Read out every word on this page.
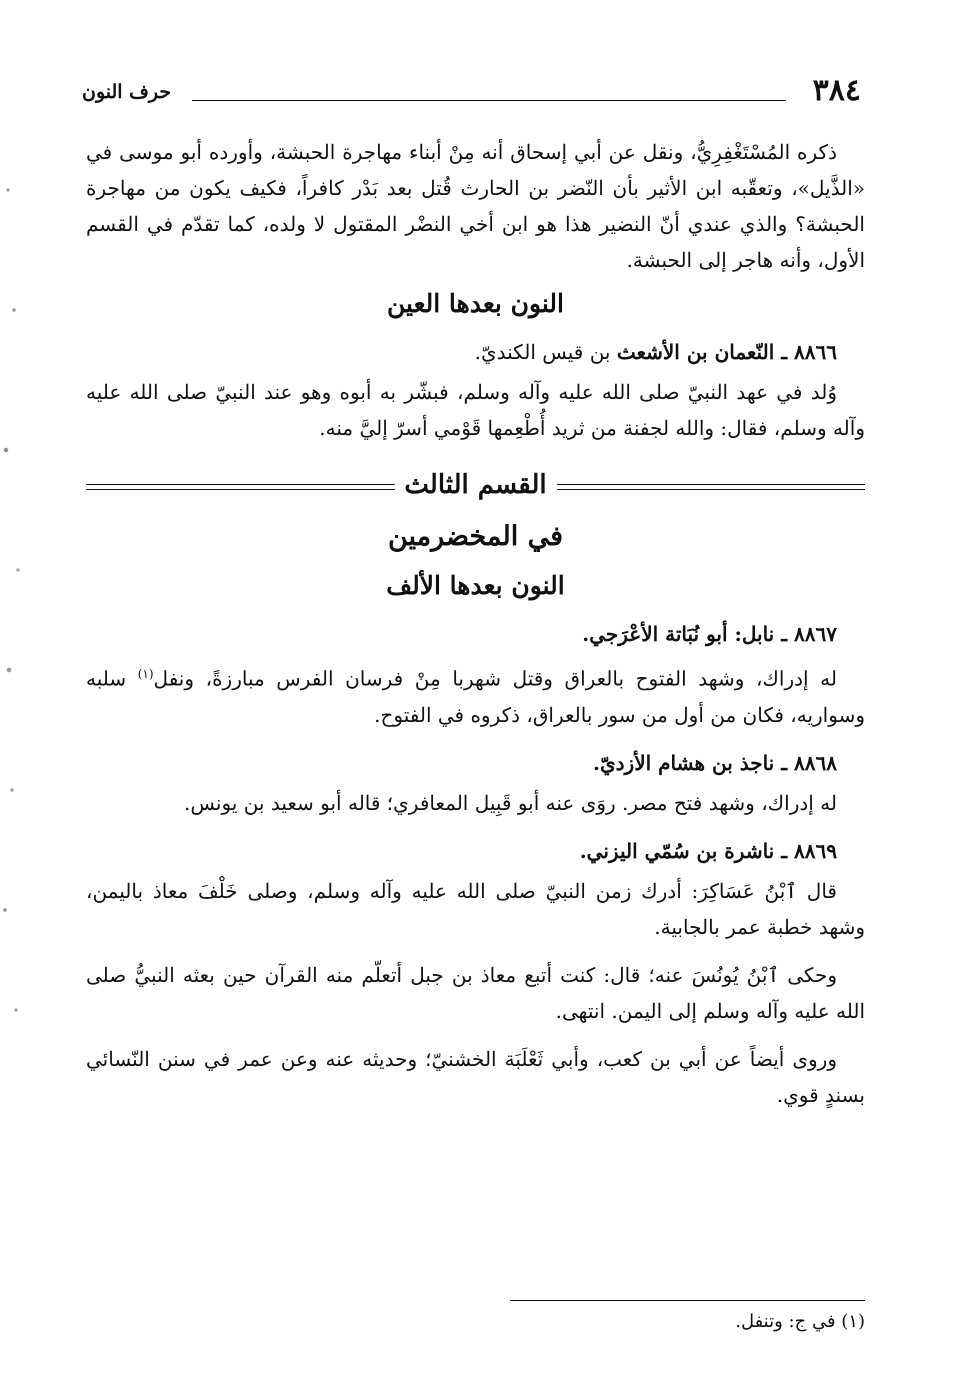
٣٨٤
حرف النون

ذكره المُسْتَغْفِرِيُّ، ونقل عن أبي إسحاق أنه مِنْ أبناء مهاجرة الحبشة، وأورده أبو موسى في «الذَّيل»، وتعقّبه ابن الأثير بأن النّضر بن الحارث قُتل بعد بَدْر كافراً، فكيف يكون من مهاجرة الحبشة؟ والذي عندي أنّ النضير هذا هو ابن أخي النضْر المقتول لا ولده، كما تقدّم في القسم الأول، وأنه هاجر إلى الحبشة.

النون بعدها العين

٨٨٦٦ ـ النّعمان بن الأشعث بن قيس الكنديّ.

وُلد في عهد النبيّ صلى الله عليه وآله وسلم، فبشّر به أبوه وهو عند النبيّ صلى الله عليه وآله وسلم، فقال: والله لجفنة من ثريد أُطْعِمها قَوْمي أسرّ إليَّ منه.

القسم الثالث
في المخضرمين
النون بعدها الألف

٨٨٦٧ ـ نابل: أبو نُبَاتة الأعْرَجي.

له إدراك، وشهد الفتوح بالعراق وقتل شهربا مِنْ فرسان الفرس مبارزةً، ونفل$^{(١)}$ سلبه وسواريه، فكان من أول من سور بالعراق، ذكروه في الفتوح.

٨٨٦٨ ـ ناجذ بن هشام الأزديّ.

له إدراك، وشهد فتح مصر. روَى عنه أبو قَبِيل المعافري؛ قاله أبو سعيد بن يونس.

٨٨٦٩ ـ ناشرة بن سُمّي اليزني.

قال ٱبْنُ عَسَاكِرَ: أدرك زمن النبيّ صلى الله عليه وآله وسلم، وصلى خَلْفَ معاذ باليمن، وشهد خطبة عمر بالجابية.

وحكى ٱبْنُ يُونُسَ عنه؛ قال: كنت أتبع معاذ بن جبل أتعلّم منه القرآن حين بعثه النبيُّ صلى الله عليه وآله وسلم إلى اليمن. انتهى.

وروى أيضاً عن أبي بن كعب، وأبي ثَعْلَبَة الخشنيّ؛ وحديثه عنه وعن عمر في سنن النّسائي بسندٍ قوي.

(١) في ج: وتنفل.
